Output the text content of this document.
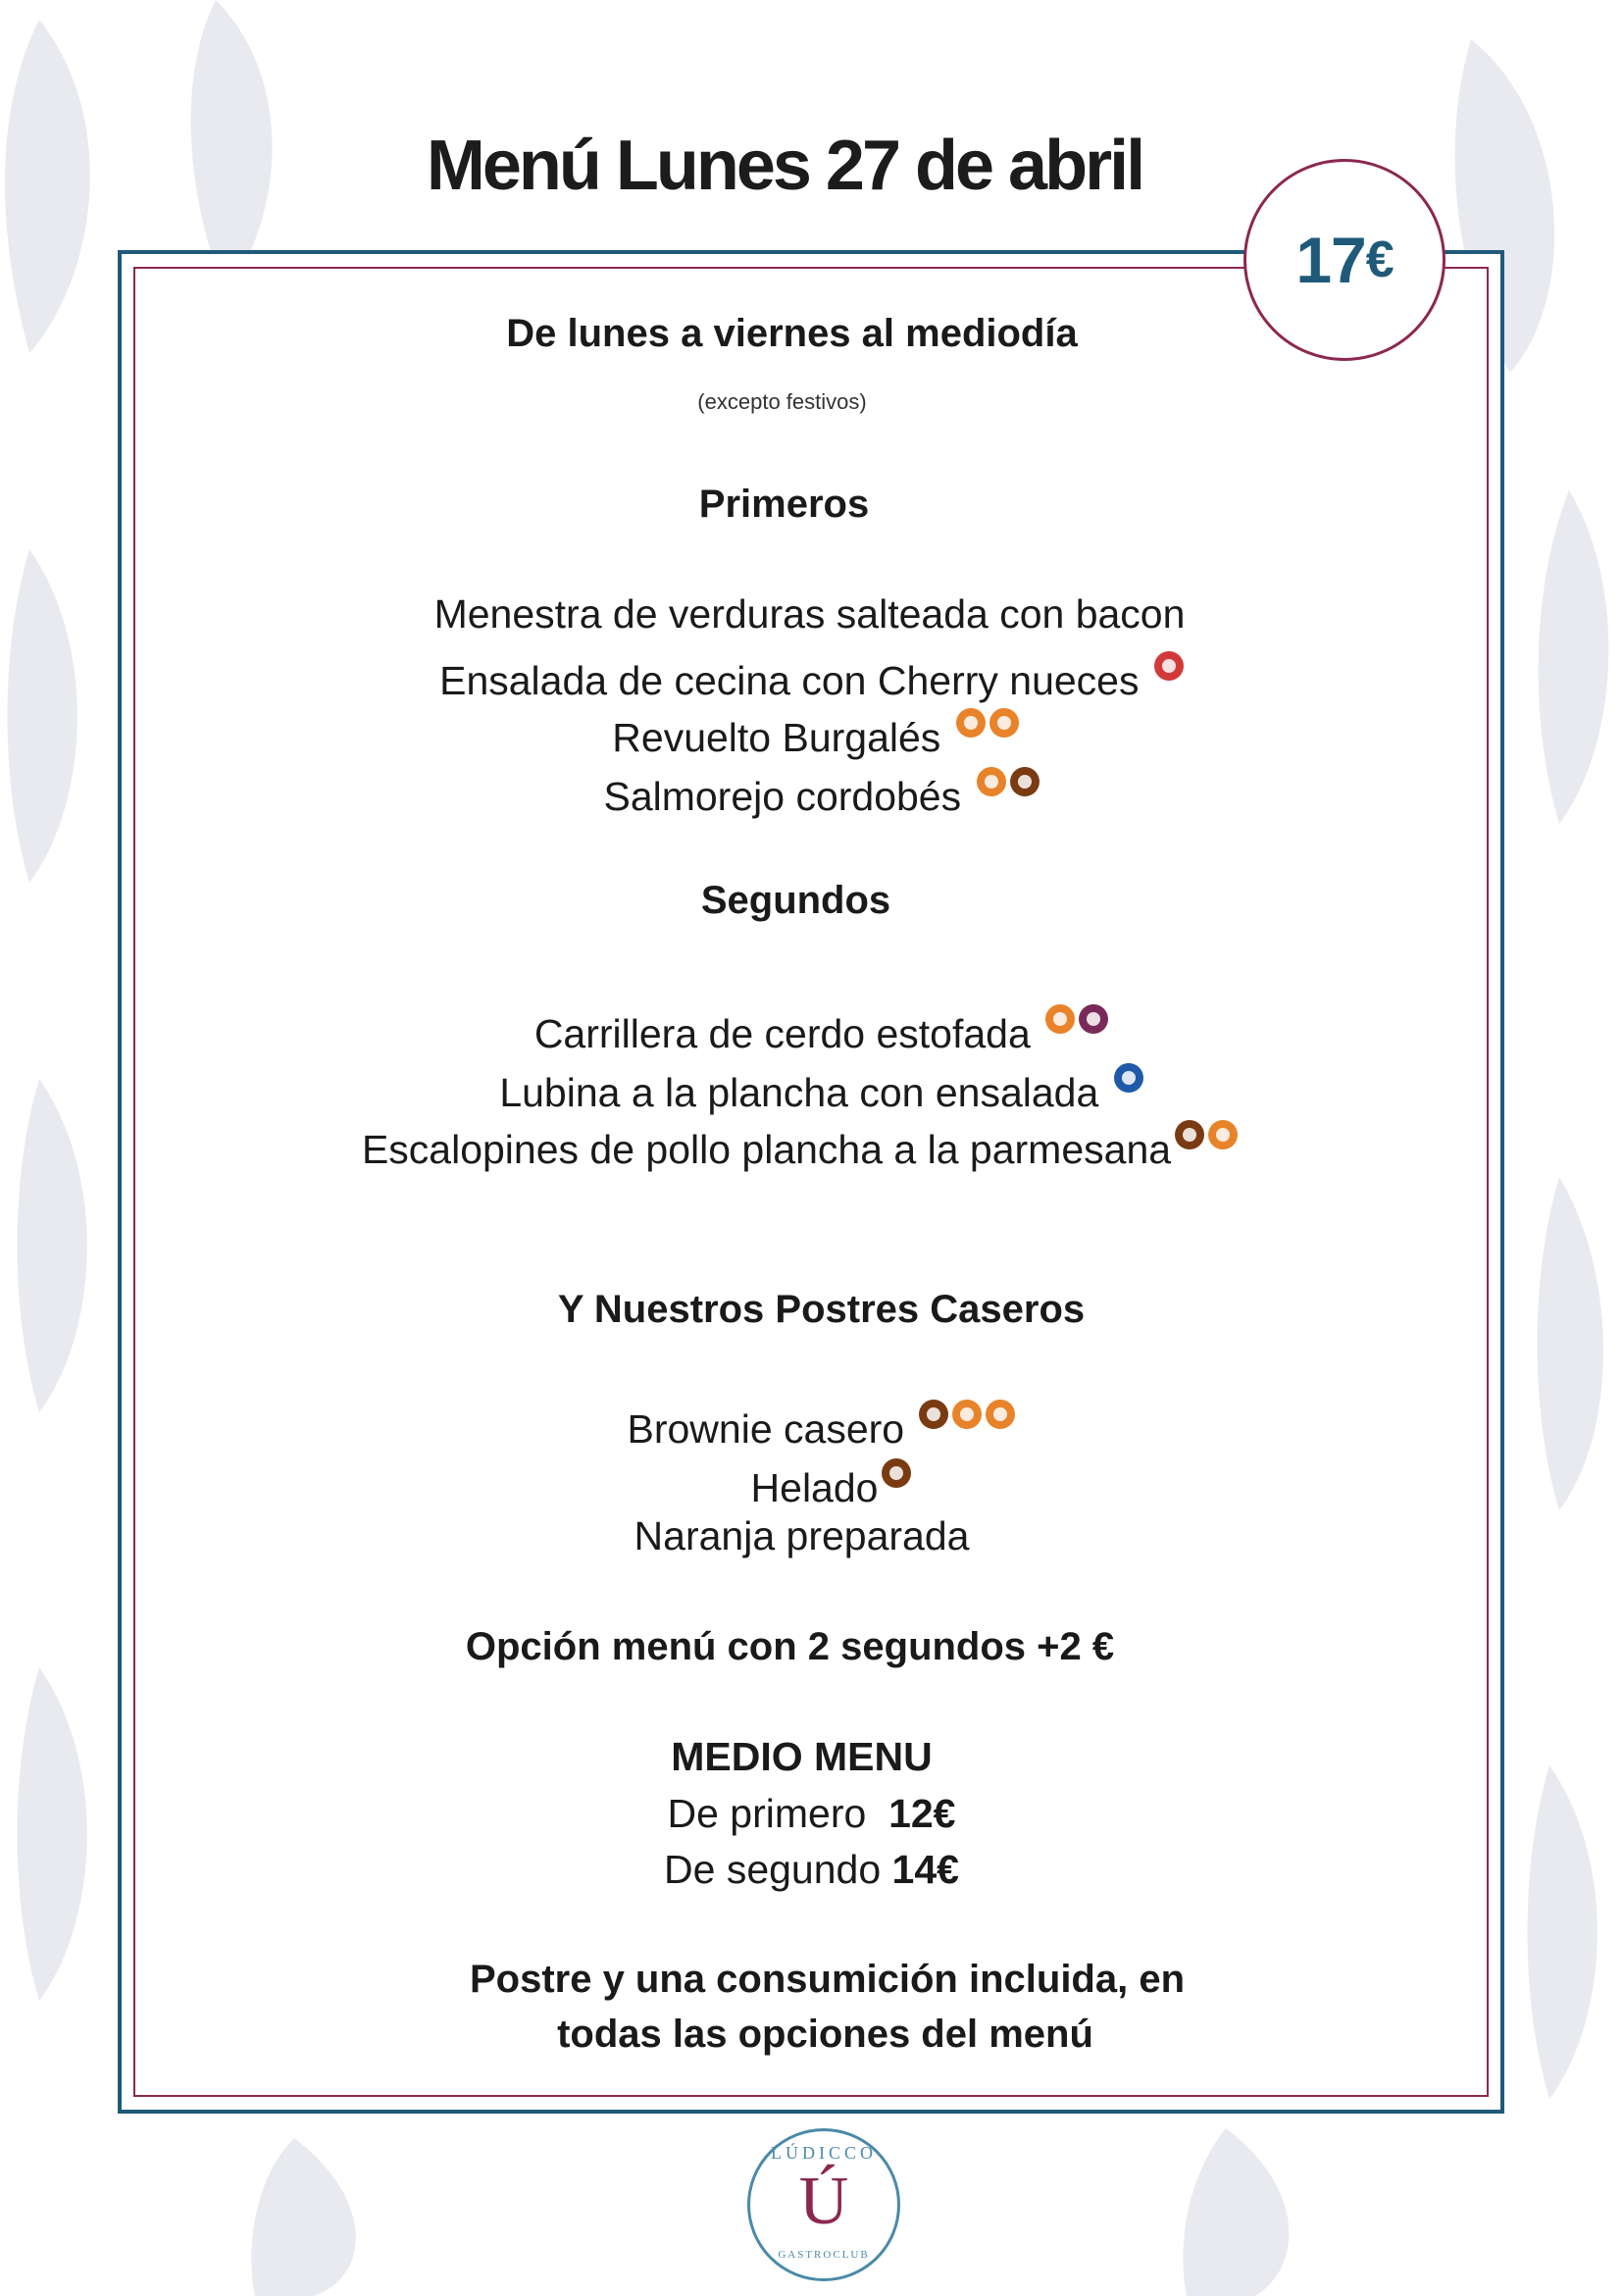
Menú Lunes 27 de abril
17 €
De lunes a viernes al mediodía
(excepto festivos)
Primeros
Menestra de verduras salteada con bacon
Ensalada de cecina con Cherry nueces
Revuelto Burgalés
Salmorejo cordobés
Segundos
Carrillera de cerdo estofada
Lubina a la plancha con ensalada
Escalopines de pollo plancha a la parmesana
Y Nuestros Postres Caseros
Brownie casero
Helado
Naranja preparada
Opción menú con 2 segundos +2 €
MEDIO MENU
De primero 12€
De segundo 14€
Postre y una consumición incluida, en
todas las opciones del menú
LÚDICCO
Ú
GASTROCLUB
